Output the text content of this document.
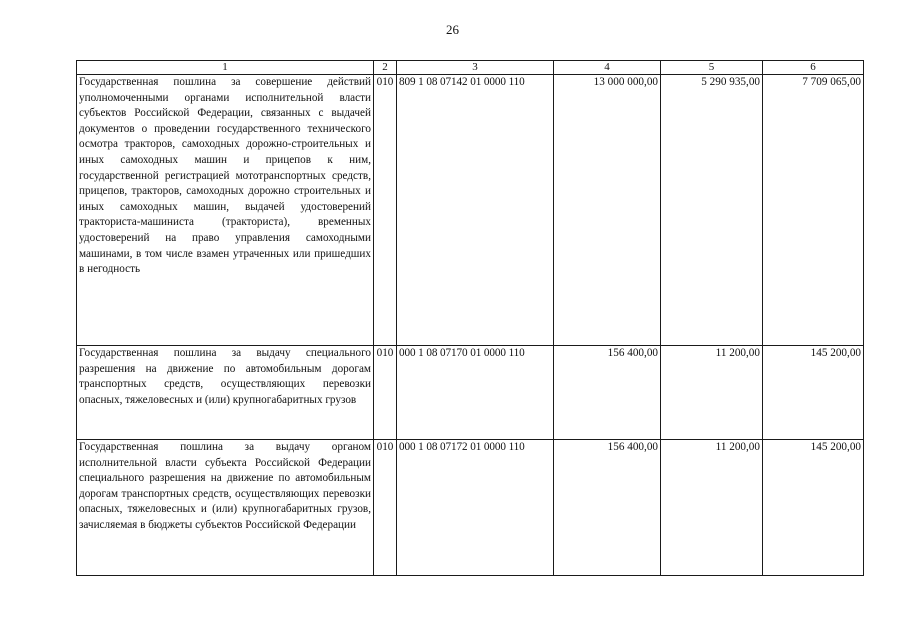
26
1	2	3	4	5	6
Государственная пошлина за совершение действий уполномоченными органами исполнительной власти субъектов Российской Федерации, связанных с выдачей документов о проведении государственного технического осмотра тракторов, самоходных дорожно-строительных и иных самоходных машин и прицепов к ним, государственной регистрацией мототранспортных средств, прицепов, тракторов, самоходных дорожно строительных и иных самоходных машин, выдачей удостоверений тракториста-машиниста (тракториста), временных удостоверений на право управления самоходными машинами, в том числе взамен утраченных или пришедших в негодность	010	809 1 08 07142 01 0000 110	13 000 000,00	5 290 935,00	7 709 065,00
Государственная пошлина за выдачу специального разрешения на движение по автомобильным дорогам транспортных средств, осуществляющих перевозки опасных, тяжеловесных и (или) крупногабаритных грузов	010	000 1 08 07170 01 0000 110	156 400,00	11 200,00	145 200,00
Государственная пошлина за выдачу органом исполнительной власти субъекта Российской Федерации специального разрешения на движение по автомобильным дорогам транспортных средств, осуществляющих перевозки опасных, тяжеловесных и (или) крупногабаритных грузов, зачисляемая в бюджеты субъектов Российской Федерации	010	000 1 08 07172 01 0000 110	156 400,00	11 200,00	145 200,00
